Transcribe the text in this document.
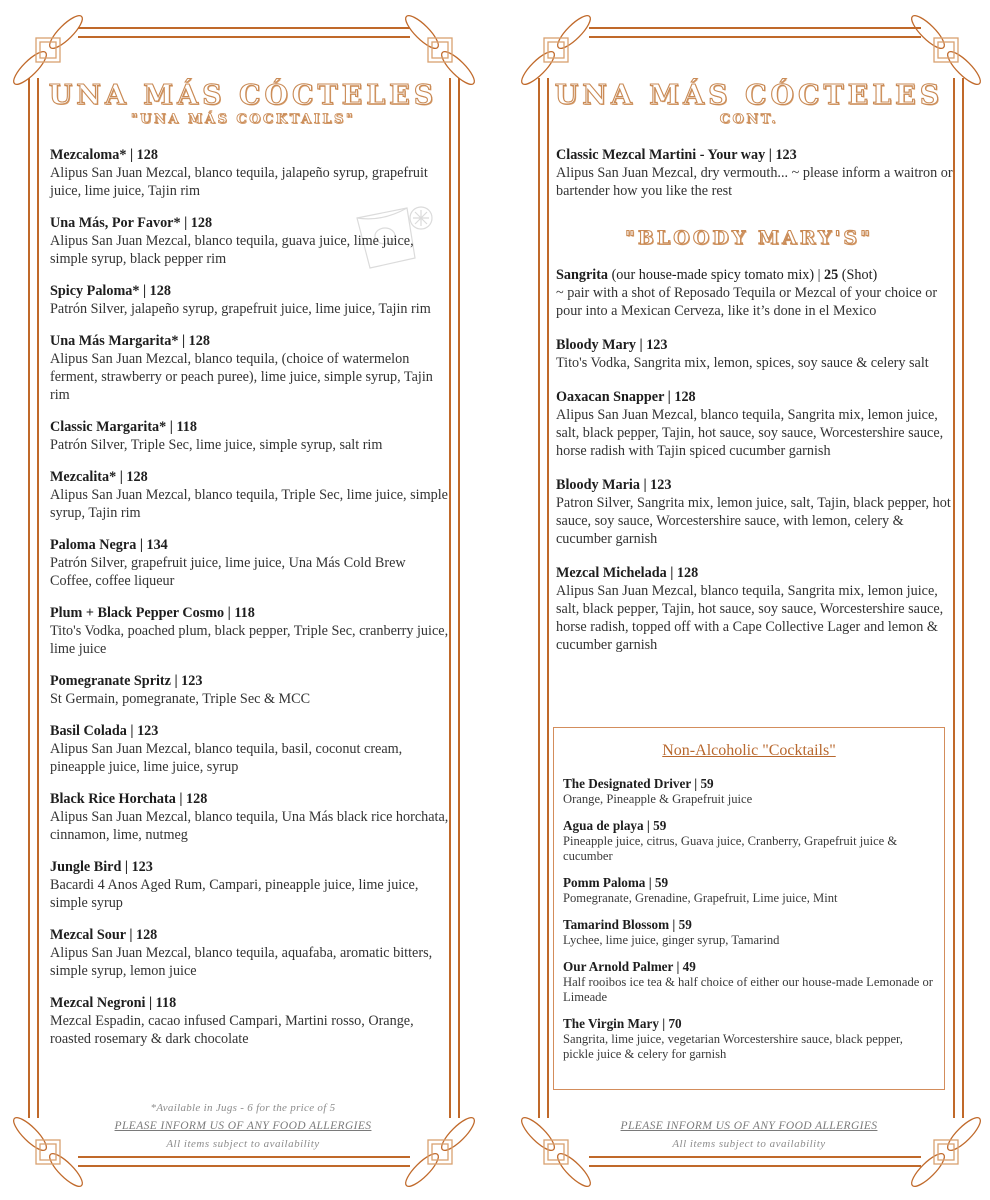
UNA MÁS CÓCTELES
"UNA MÁS COCKTAILS"
Mezcaloma* | 128
Alipus San Juan Mezcal, blanco tequila, jalapeño syrup, grapefruit juice, lime juice, Tajin rim
Una Más, Por Favor* | 128
Alipus San Juan Mezcal, blanco tequila, guava juice, lime juice, simple syrup, black pepper rim
Spicy Paloma* | 128
Patrón Silver, jalapeño syrup, grapefruit juice, lime juice, Tajin rim
Una Más Margarita* | 128
Alipus San Juan Mezcal, blanco tequila, (choice of watermelon ferment, strawberry or peach puree), lime juice, simple syrup, Tajin rim
Classic Margarita* | 118
Patrón Silver, Triple Sec, lime juice, simple syrup, salt rim
Mezcalita* | 128
Alipus San Juan Mezcal, blanco tequila, Triple Sec, lime juice, simple syrup, Tajin rim
Paloma Negra | 134
Patrón Silver, grapefruit juice, lime juice, Una Más Cold Brew Coffee, coffee liqueur
Plum + Black Pepper Cosmo | 118
Tito's Vodka, poached plum, black pepper, Triple Sec, cranberry juice, lime juice
Pomegranate Spritz | 123
St Germain, pomegranate, Triple Sec & MCC
Basil Colada | 123
Alipus San Juan Mezcal, blanco tequila, basil, coconut cream, pineapple juice, lime juice, syrup
Black Rice Horchata | 128
Alipus San Juan Mezcal, blanco tequila, Una Más black rice horchata, cinnamon, lime, nutmeg
Jungle Bird | 123
Bacardi 4 Anos Aged Rum, Campari, pineapple juice, lime juice, simple syrup
Mezcal Sour | 128
Alipus San Juan Mezcal, blanco tequila, aquafaba, aromatic bitters, simple syrup, lemon juice
Mezcal Negroni | 118
Mezcal Espadin, cacao infused Campari, Martini rosso, Orange, roasted rosemary & dark chocolate
*Available in Jugs - 6 for the price of 5
PLEASE INFORM US OF ANY FOOD ALLERGIES
All items subject to availability
UNA MÁS CÓCTELES
CONT.
Classic Mezcal Martini - Your way | 123
Alipus San Juan Mezcal, dry vermouth... ~ please inform a waitron or bartender how you like the rest
"BLOODY MARY'S"
Sangrita (our house-made spicy tomato mix) | 25 (Shot)
~ pair with a shot of Reposado Tequila or Mezcal of your choice or pour into a Mexican Cerveza, like it’s done in el Mexico
Bloody Mary | 123
Tito's Vodka, Sangrita mix, lemon, spices, soy sauce & celery salt
Oaxacan Snapper | 128
Alipus San Juan Mezcal, blanco tequila, Sangrita mix, lemon juice, salt, black pepper, Tajin, hot sauce, soy sauce, Worcestershire sauce, horse radish with Tajin spiced cucumber garnish
Bloody Maria | 123
Patron Silver, Sangrita mix, lemon juice, salt, Tajin, black pepper, hot sauce, soy sauce, Worcestershire sauce, with lemon, celery & cucumber garnish
Mezcal Michelada | 128
Alipus San Juan Mezcal, blanco tequila, Sangrita mix, lemon juice, salt, black pepper, Tajin, hot sauce, soy sauce, Worcestershire sauce, horse radish, topped off with a Cape Collective Lager and lemon & cucumber garnish
Non-Alcoholic "Cocktails"
The Designated Driver | 59
Orange, Pineapple & Grapefruit juice
Agua de playa | 59
Pineapple juice, citrus, Guava juice, Cranberry, Grapefruit juice & cucumber
Pomm Paloma | 59
Pomegranate, Grenadine, Grapefruit, Lime juice, Mint
Tamarind Blossom | 59
Lychee, lime juice, ginger syrup, Tamarind
Our Arnold Palmer | 49
Half rooibos ice tea & half choice of either our house-made Lemonade or Limeade
The Virgin Mary | 70
Sangrita, lime juice, vegetarian Worcestershire sauce, black pepper, pickle juice & celery for garnish
PLEASE INFORM US OF ANY FOOD ALLERGIES
All items subject to availability
